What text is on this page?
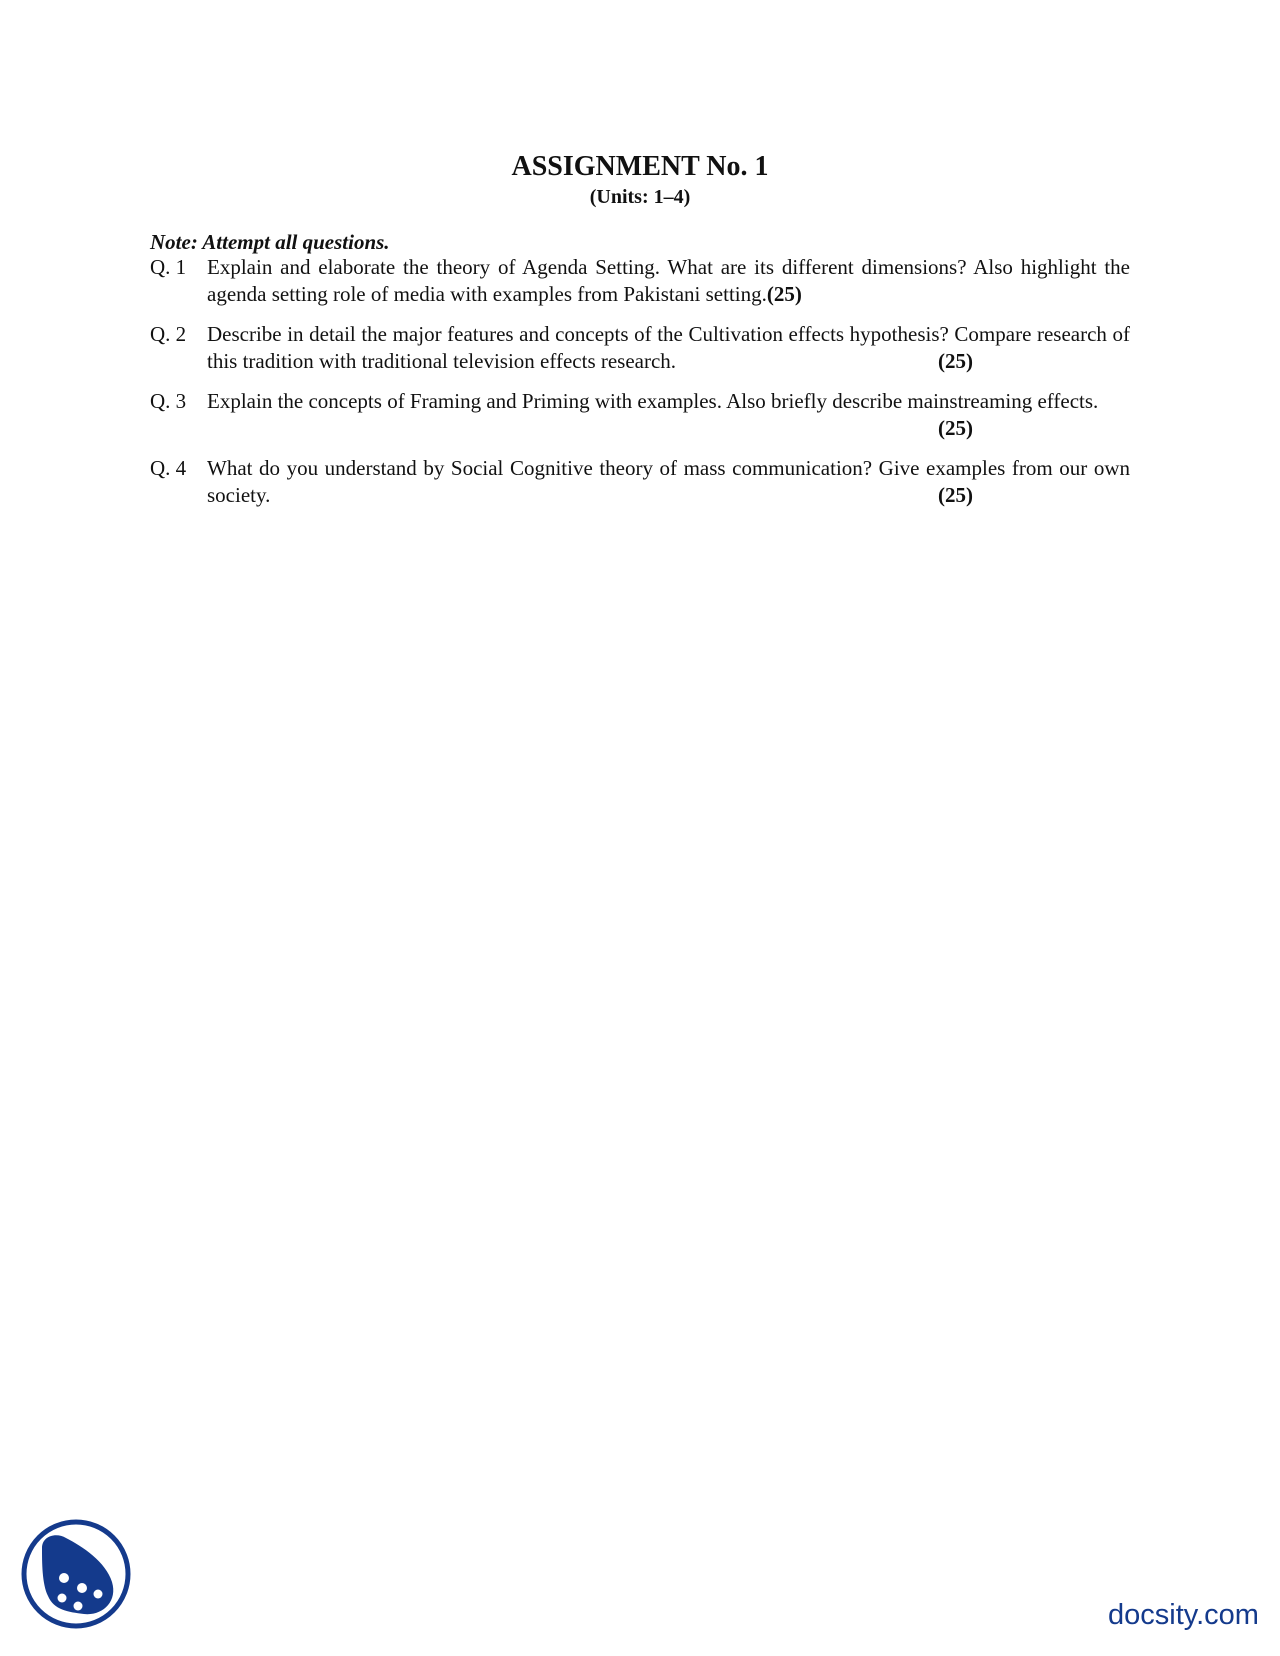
ASSIGNMENT No. 1
(Units: 1–4)
Note: Attempt all questions.
Q. 1 Explain and elaborate the theory of Agenda Setting. What are its different dimensions? Also highlight the agenda setting role of media with examples from Pakistani setting.(25)
Q. 2 Describe in detail the major features and concepts of the Cultivation effects hypothesis? Compare research of this tradition with traditional television effects research.	(25)
Q. 3 Explain the concepts of Framing and Priming with examples. Also briefly describe mainstreaming effects.
(25)
Q. 4 What do you understand by Social Cognitive theory of mass communication? Give examples from our own society.	(25)
docsity.com
